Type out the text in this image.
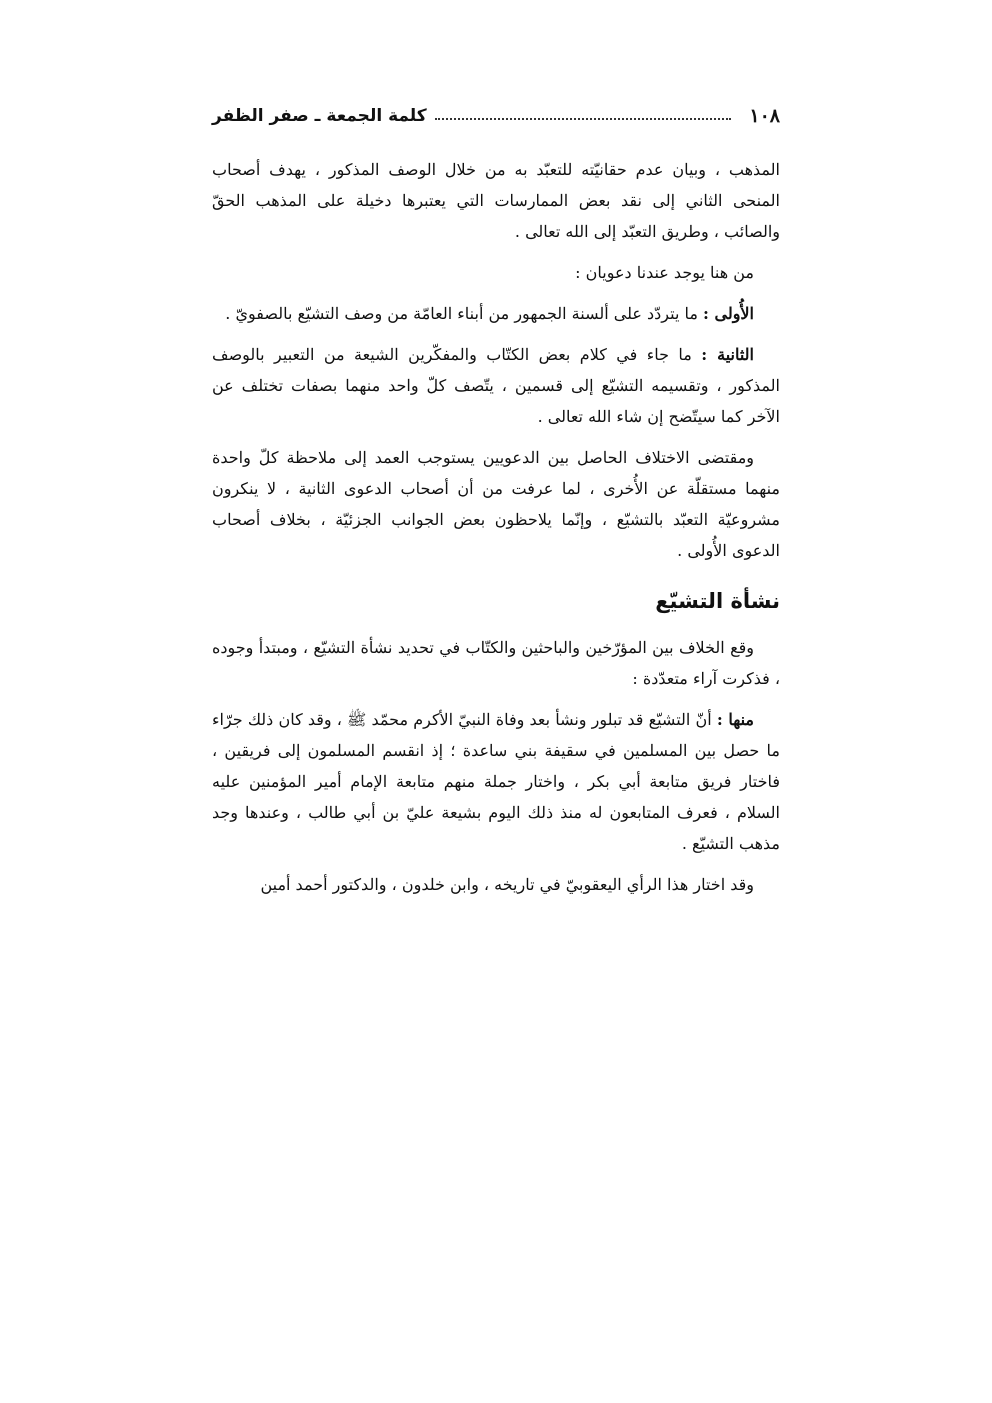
١٠٨
كلمة الجمعة ـ صفر الظفر

المذهب ، وبيان عدم حقانيّته للتعبّد به من خلال الوصف المذكور ، يهدف أصحاب المنحى الثاني إلى نقد بعض الممارسات التي يعتبرها دخيلة على المذهب الحقّ والصائب ، وطريق التعبّد إلى الله تعالى .

من هنا يوجد عندنا دعويان :

الأُولى : ما يتردّد على ألسنة الجمهور من أبناء العامّة من وصف التشيّع بالصفويّ .

الثانية : ما جاء في كلام بعض الكتّاب والمفكّرين الشيعة من التعبير بالوصف المذكور ، وتقسيمه التشيّع إلى قسمين ، يتّصف كلّ واحد منهما بصفات تختلف عن الآخر كما سيتّضح إن شاء الله تعالى .

ومقتضى الاختلاف الحاصل بين الدعويين يستوجب العمد إلى ملاحظة كلّ واحدة منهما مستقلّة عن الأُخرى ، لما عرفت من أن أصحاب الدعوى الثانية ، لا ينكرون مشروعيّة التعبّد بالتشيّع ، وإنّما يلاحظون بعض الجوانب الجزئيّة ، بخلاف أصحاب الدعوى الأُولى .

نشأة التشيّع

وقع الخلاف بين المؤرّخين والباحثين والكتّاب في تحديد نشأة التشيّع ، ومبتدأ وجوده ، فذكرت آراء متعدّدة :

منها : أنّ التشيّع قد تبلور ونشأ بعد وفاة النبيّ الأكرم محمّد ﷺ ، وقد كان ذلك جرّاء ما حصل بين المسلمين في سقيفة بني ساعدة ؛ إذ انقسم المسلمون إلى فريقين ، فاختار فريق متابعة أبي بكر ، واختار جملة منهم متابعة الإمام أمير المؤمنين عليه السلام ، فعرف المتابعون له منذ ذلك اليوم بشيعة عليّ بن أبي طالب ، وعندها وجد مذهب التشيّع .

وقد اختار هذا الرأي اليعقوبيّ في تاريخه ، وابن خلدون ، والدكتور أحمد أمين
